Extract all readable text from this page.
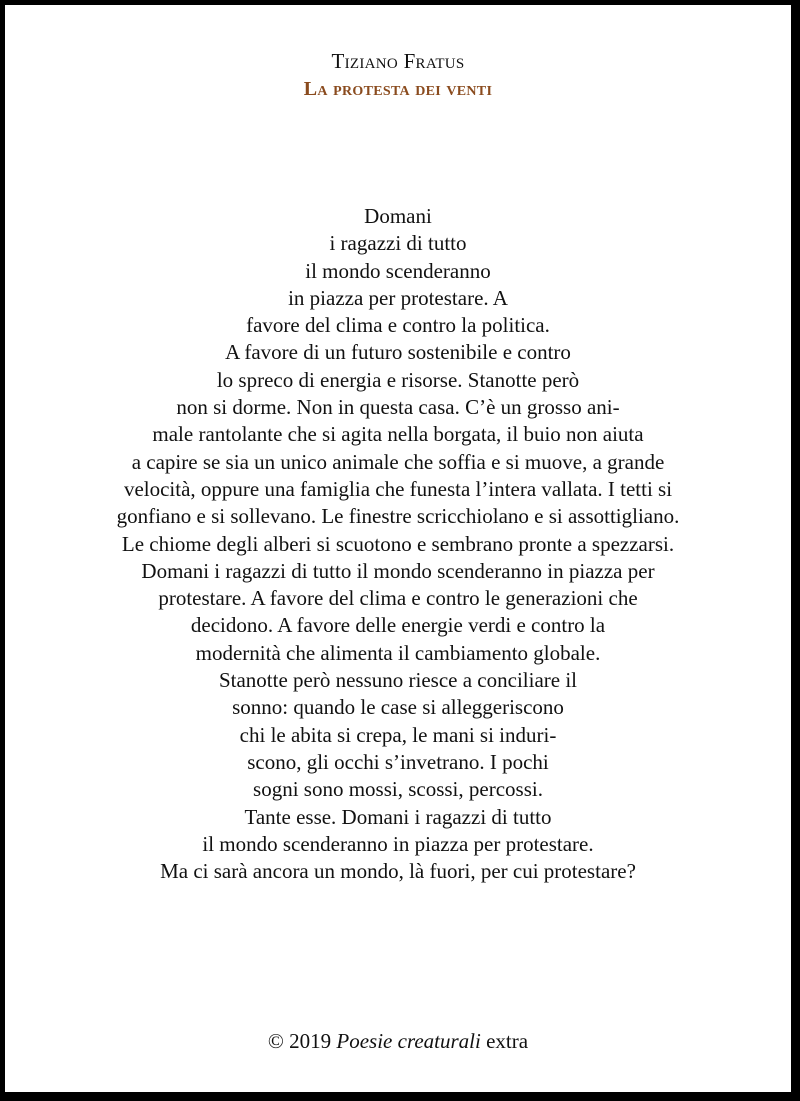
Tiziano Fratus
La protesta dei venti
Domani
i ragazzi di tutto
il mondo scenderanno
in piazza per protestare. A
favore del clima e contro la politica.
A favore di un futuro sostenibile e contro
lo spreco di energia e risorse. Stanotte però
non si dorme. Non in questa casa. C’è un grosso ani-
male rantolante che si agita nella borgata, il buio non aiuta
a capire se sia un unico animale che soffia e si muove, a grande
velocità, oppure una famiglia che funesta l’intera vallata. I tetti si
gonfiano e si sollevano. Le finestre scricchiolano e si assottigliano.
Le chiome degli alberi si scuotono e sembrano pronte a spezzarsi.
Domani i ragazzi di tutto il mondo scenderanno in piazza per
protestare. A favore del clima e contro le generazioni che
decidono. A favore delle energie verdi e contro la
modernità che alimenta il cambiamento globale.
Stanotte però nessuno riesce a conciliare il
sonno: quando le case si alleggeriscono
chi le abita si crepa, le mani si induri-
scono, gli occhi s’invetrano. I pochi
sogni sono mossi, scossi, percossi.
Tante esse. Domani i ragazzi di tutto
il mondo scenderanno in piazza per protestare.
Ma ci sarà ancora un mondo, là fuori, per cui protestare?
© 2019 Poesie creaturali extra
